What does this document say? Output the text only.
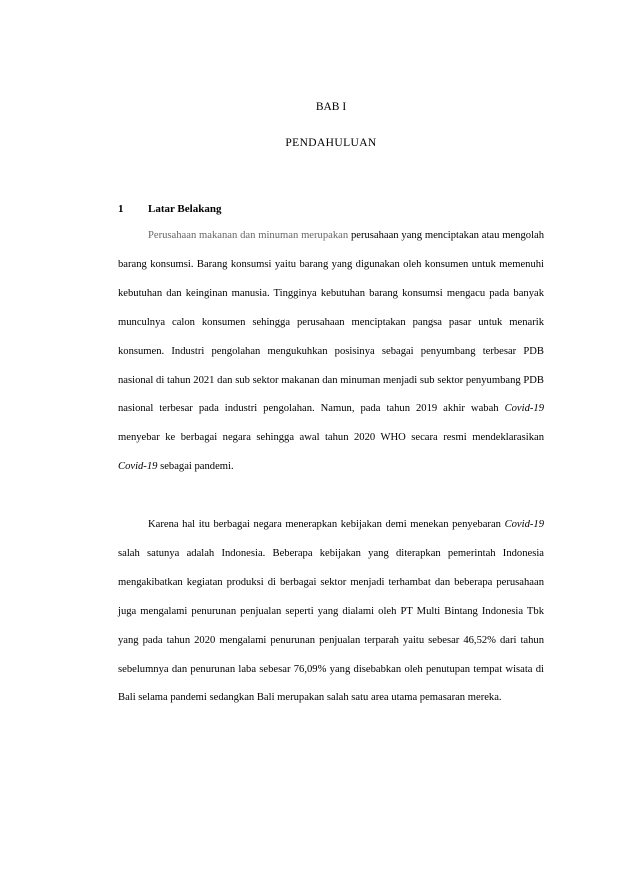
BAB I
PENDAHULUAN
1 Latar Belakang

Perusahaan makanan dan minuman merupakan perusahaan yang menciptakan atau mengolah barang konsumsi. Barang konsumsi yaitu barang yang digunakan oleh konsumen untuk memenuhi kebutuhan dan keinginan manusia. Tingginya kebutuhan barang konsumsi mengacu pada banyak munculnya calon konsumen sehingga perusahaan menciptakan pangsa pasar untuk menarik konsumen. Industri pengolahan mengukuhkan posisinya sebagai penyumbang terbesar PDB nasional di tahun 2021 dan sub sektor makanan dan minuman menjadi sub sektor penyumbang PDB nasional terbesar pada industri pengolahan. Namun, pada tahun 2019 akhir wabah Covid-19 menyebar ke berbagai negara sehingga awal tahun 2020 WHO secara resmi mendeklarasikan Covid-19 sebagai pandemi.

Karena hal itu berbagai negara menerapkan kebijakan demi menekan penyebaran Covid-19 salah satunya adalah Indonesia. Beberapa kebijakan yang diterapkan pemerintah Indonesia mengakibatkan kegiatan produksi di berbagai sektor menjadi terhambat dan beberapa perusahaan juga mengalami penurunan penjualan seperti yang dialami oleh PT Multi Bintang Indonesia Tbk yang pada tahun 2020 mengalami penurunan penjualan terparah yaitu sebesar 46,52% dari tahun sebelumnya dan penurunan laba sebesar 76,09% yang disebabkan oleh penutupan tempat wisata di Bali selama pandemi sedangkan Bali merupakan salah satu area utama pemasaran mereka.
